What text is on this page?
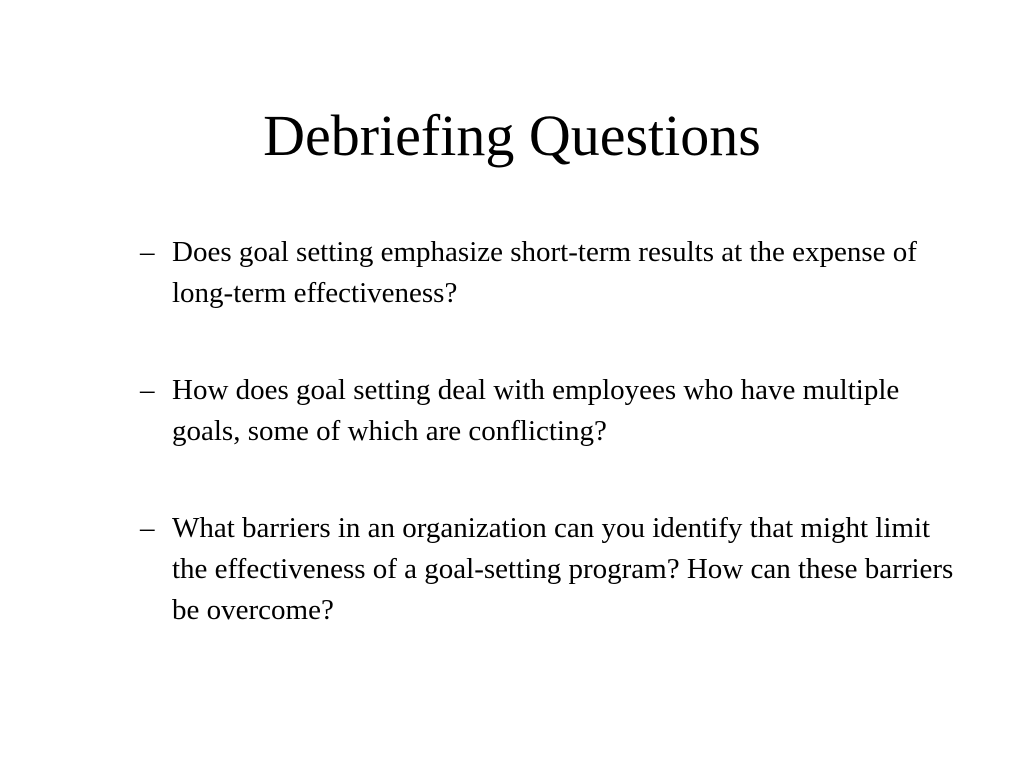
Debriefing Questions
– Does goal setting emphasize short-term results at the expense of long-term effectiveness?
– How does goal setting deal with employees who have multiple goals, some of which are conflicting?
– What barriers in an organization can you identify that might limit the effectiveness of a goal-setting program? How can these barriers be overcome?
